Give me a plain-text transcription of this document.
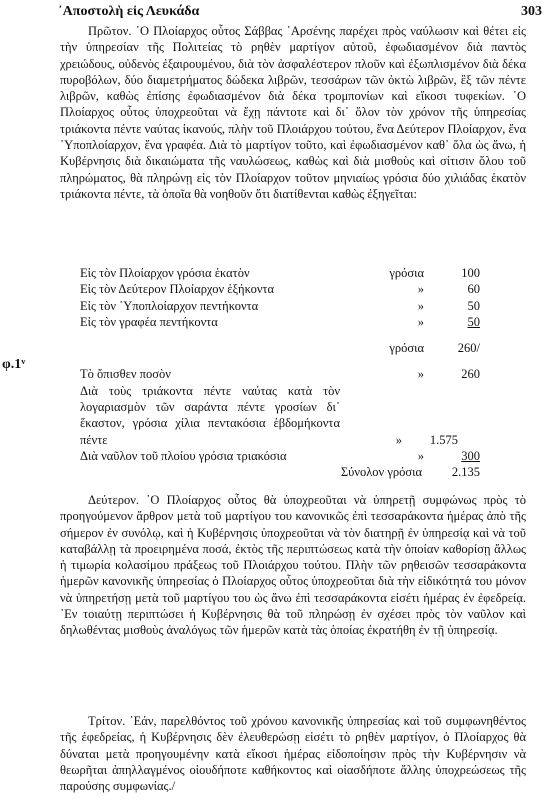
᾽Αποστολὴ εἰς Λευκάδα	303
φ.1ᵛ

Πρῶτον. ῾Ο Πλοίαρχος οὗτος Σάββας ᾽Αρσένης παρέχει πρὸς ναύλωσιν καὶ θέτει εἰς τὴν ὑπηρεσίαν τῆς Πολιτείας τὸ ρηθὲν μαρτίγον αὐτοῦ, ἐφωδιασμένον διὰ παντὸς χρειώδους, οὐδενὸς ἐξαιρουμένου, διὰ τὸν ἀσφαλέστερον πλοῦν καὶ ἐξωπλισμένον διὰ δέκα πυροβόλων, δύο διαμετρήματος δώδεκα λιβρῶν, τεσσάρων τῶν ὀκτὼ λιβρῶν, ἓξ τῶν πέντε λιβρῶν, καθὼς ἐπίσης ἐφωδιασμένον διὰ δέκα τρομπονίων καὶ εἴκοσι τυφεκίων. ῾Ο Πλοίαρχος οὗτος ὑποχρεοῦται νὰ ἔχῃ πάντοτε καὶ δι᾽ ὅλον τὸν χρόνον τῆς ὑπηρεσίας τριάκοντα πέντε ναύτας ἱκανούς, πλὴν τοῦ Πλοιάρχου τούτου, ἕνα Δεύτερον Πλοίαρχον, ἕνα ῾Υποπλοίαρχον, ἕνα γραφέα. Διὰ τὸ μαρτίγον τοῦτο, καὶ ἐφωδιασμένον καθ᾽ ὅλα ὡς ἄνω, ἡ Κυβέρνησις διὰ δικαιώματα τῆς ναυλώσεως, καθὼς καὶ διὰ μισθοὺς καὶ σίτισιν ὅλου τοῦ πληρώματος, θὰ πληρώνῃ εἰς τὸν Πλοίαρχον τοῦτον μηνιαίως γρόσια δύο χιλιάδας ἑκατὸν τριάκοντα πέντε, τὰ ὁποῖα θὰ νοηθοῦν ὅτι διατίθενται καθὼς ἐξηγεῖται:

Εἰς τὸν Πλοίαρχον γρόσια ἑκατὸν	γρόσια	100
Εἰς τὸν Δεύτερον Πλοίαρχον ἑξήκοντα	»	60
Εἰς τὸν ῾Υποπλοίαρχον πεντήκοντα	»	50
Εἰς τὸν γραφέα πεντήκοντα	»	50
γρόσια	260/
Τὸ ὄπισθεν ποσὸν	»	260
Διὰ τοὺς τριάκοντα πέντε ναύτας κατὰ τὸν λογαριασμὸν τῶν σαράντα πέντε γροσίων δι᾽ ἕκαστον, γρόσια χίλια πεντακόσια ἑβδομήκοντα πέντε	»	1.575
Διὰ ναῦλον τοῦ πλοίου γρόσια τριακόσια	»	300
Σύνολον γρόσια	2.135

Δεύτερον. ῾Ο Πλοίαρχος οὗτος θὰ ὑποχρεοῦται νὰ ὑπηρετῇ συμφώνως πρὸς τὸ προηγούμενον ἄρθρον μετὰ τοῦ μαρτίγου του κανονικῶς ἐπὶ τεσσαράκοντα ἡμέρας ἀπὸ τῆς σήμερον ἐν συνόλῳ, καὶ ἡ Κυβέρνησις ὑποχρεοῦται νὰ τὸν διατηρῇ ἐν ὑπηρεσίᾳ καὶ νὰ τοῦ καταβάλλῃ τὰ προειρημένα ποσά, ἐκτὸς τῆς περιπτώσεως κατὰ τὴν ὁποίαν καθορίσῃ ἄλλως ἡ τιμωρία κολασίμου πράξεως τοῦ Πλοιάρχου τούτου. Πλὴν τῶν ρηθεισῶν τεσσαράκοντα ἡμερῶν κανονικῆς ὑπηρεσίας ὁ Πλοίαρχος οὗτος ὑποχρεοῦται διὰ τὴν εἰδικότητά του μόνον νὰ ὑπηρετήσῃ μετὰ τοῦ μαρτίγου του ὡς ἄνω ἐπὶ τεσσαράκοντα εἰσέτι ἡμέρας ἐν ἐφεδρείᾳ. ᾽Εν τοιαύτῃ περιπτώσει ἡ Κυβέρνησις θὰ τοῦ πληρώσῃ ἐν σχέσει πρὸς τὸν ναῦλον καὶ δηλωθέντας μισθοὺς ἀναλόγως τῶν ἡμερῶν κατὰ τὰς ὁποίας ἐκρατήθη ἐν τῇ ὑπηρεσίᾳ.

Τρίτον. ᾽Εάν, παρελθόντος τοῦ χρόνου κανονικῆς ὑπηρεσίας καὶ τοῦ συμφωνηθέντος τῆς ἐφεδρείας, ἡ Κυβέρνησις δὲν ἐλευθερώσῃ εἰσέτι τὸ ρηθὲν μαρτίγον, ὁ Πλοίαρχος θὰ δύναται μετὰ προηγουμένην κατὰ εἴκοσι ἡμέρας εἰδοποίησιν πρὸς τὴν Κυβέρνησιν νὰ θεωρῆται ἀπηλλαγμένος οἱουδήποτε καθήκοντος καὶ οἱασδήποτε ἄλλης ὑποχρεώσεως τῆς παρούσης συμφωνίας./
